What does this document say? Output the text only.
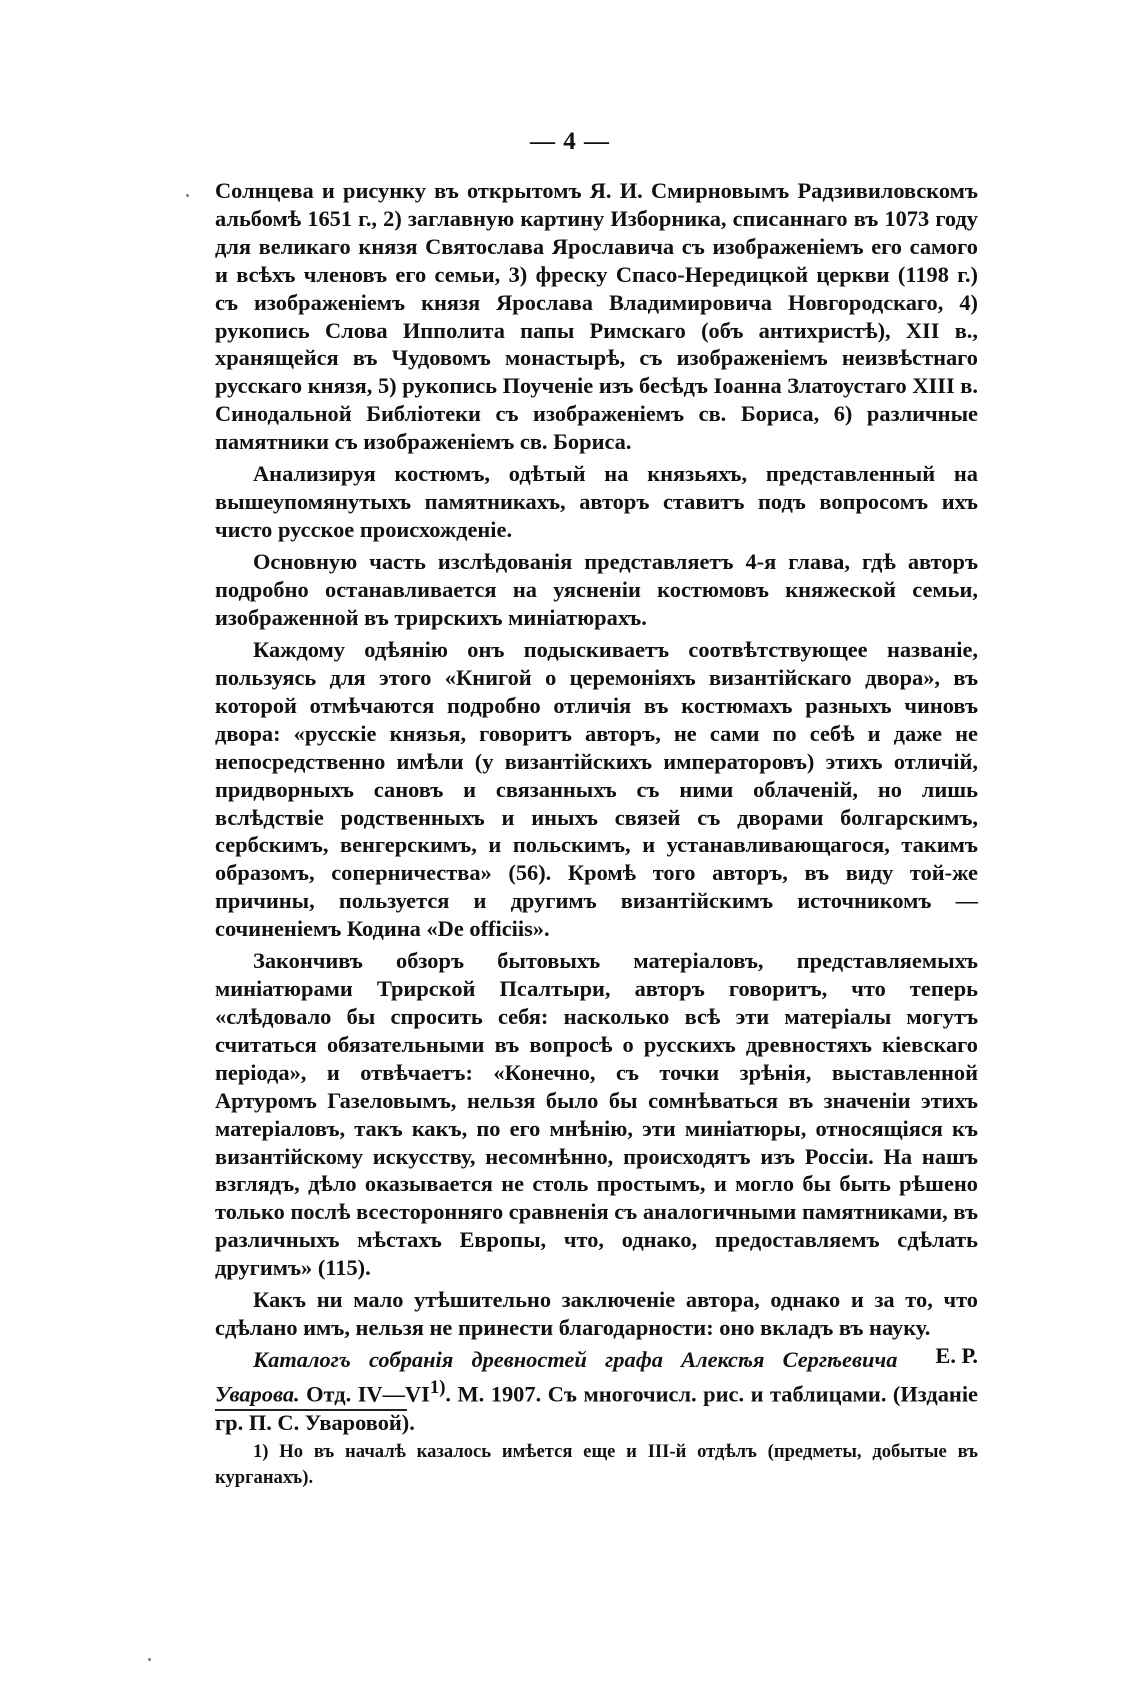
— 4 —

Солнцева и рисунку въ открытомъ Я. И. Смирновымъ Радзивиловскомъ альбомѣ 1651 г., 2) заглавную картину Изборника, списаннаго въ 1073 году для великаго князя Святослава Ярославича съ изображеніемъ его самого и всѣхъ членовъ его семьи, 3) фреску Спасо-Нередицкой церкви (1198 г.) съ изображеніемъ князя Ярослава Владимировича Новгородскаго, 4) рукопись Слова Ипполита папы Римскаго (объ антихристѣ), XII в., хранящейся въ Чудовомъ монастырѣ, съ изображеніемъ неизвѣстнаго русскаго князя, 5) рукопись Поученіе изъ бесѣдъ Іоанна Златоустаго XIII в. Синодальной Библіотеки съ изображеніемъ св. Бориса, 6) различные памятники съ изображеніемъ св. Бориса.

Анализируя костюмъ, одѣтый на князьяхъ, представленный на вышеупомянутыхъ памятникахъ, авторъ ставитъ подъ вопросомъ ихъ чисто русское происхожденіе.

Основную часть изслѣдованія представляетъ 4-я глава, гдѣ авторъ подробно останавливается на уясненіи костюмовъ княжеской семьи, изображенной въ трирскихъ миніатюрахъ.

Каждому одѣянію онъ подыскиваетъ соотвѣтствующее названіе, пользуясь для этого «Книгой о церемоніяхъ византійскаго двора», въ которой отмѣчаются подробно отличія въ костюмахъ разныхъ чиновъ двора: «русскіе князья, говоритъ авторъ, не сами по себѣ и даже не непосредственно имѣли (у византійскихъ императоровъ) этихъ отличій, придворныхъ сановъ и связанныхъ съ ними облаченій, но лишь вслѣдствіе родственныхъ и иныхъ связей съ дворами болгарскимъ, сербскимъ, венгерскимъ, и польскимъ, и устанавливающагося, такимъ образомъ, соперничества» (56). Кромѣ того авторъ, въ виду той-же причины, пользуется и другимъ византійскимъ источникомъ — сочиненіемъ Кодина «De officiis».

Закончивъ обзоръ бытовыхъ матеріаловъ, представляемыхъ миніатюрами Трирской Псалтыри, авторъ говоритъ, что теперь «слѣдовало бы спросить себя: насколько всѣ эти матеріалы могутъ считаться обязательными въ вопросѣ о русскихъ древностяхъ кіевскаго періода», и отвѣчаетъ: «Конечно, съ точки зрѣнія, выставленной Артуромъ Газеловымъ, нельзя было бы сомнѣваться въ значеніи этихъ матеріаловъ, такъ какъ, по его мнѣнію, эти миніатюры, относящіяся къ византійскому искусству, несомнѣнно, происходятъ изъ Россіи. На нашъ взглядъ, дѣло оказывается не столь простымъ, и могло бы быть рѣшено только послѣ всесторонняго сравненія съ аналогичными памятниками, въ различныхъ мѣстахъ Европы, что, однако, предоставляемъ сдѣлать другимъ» (115).

Какъ ни мало утѣшительно заключеніе автора, однако и за то, что сдѣлано имъ, нельзя не принести благодарности: оно вкладъ въ науку.
Е. Р.

Каталогъ собранія древностей графа Алексѣя Сергѣевича Уварова. Отд. IV—VI$^{1)}$. М. 1907. Съ многочисл. рис. и таблицами. (Изданіе гр. П. С. Уваровой).

1) Но въ началѣ казалось имѣется еще и III-й отдѣлъ (предметы, добытые въ курганахъ).
